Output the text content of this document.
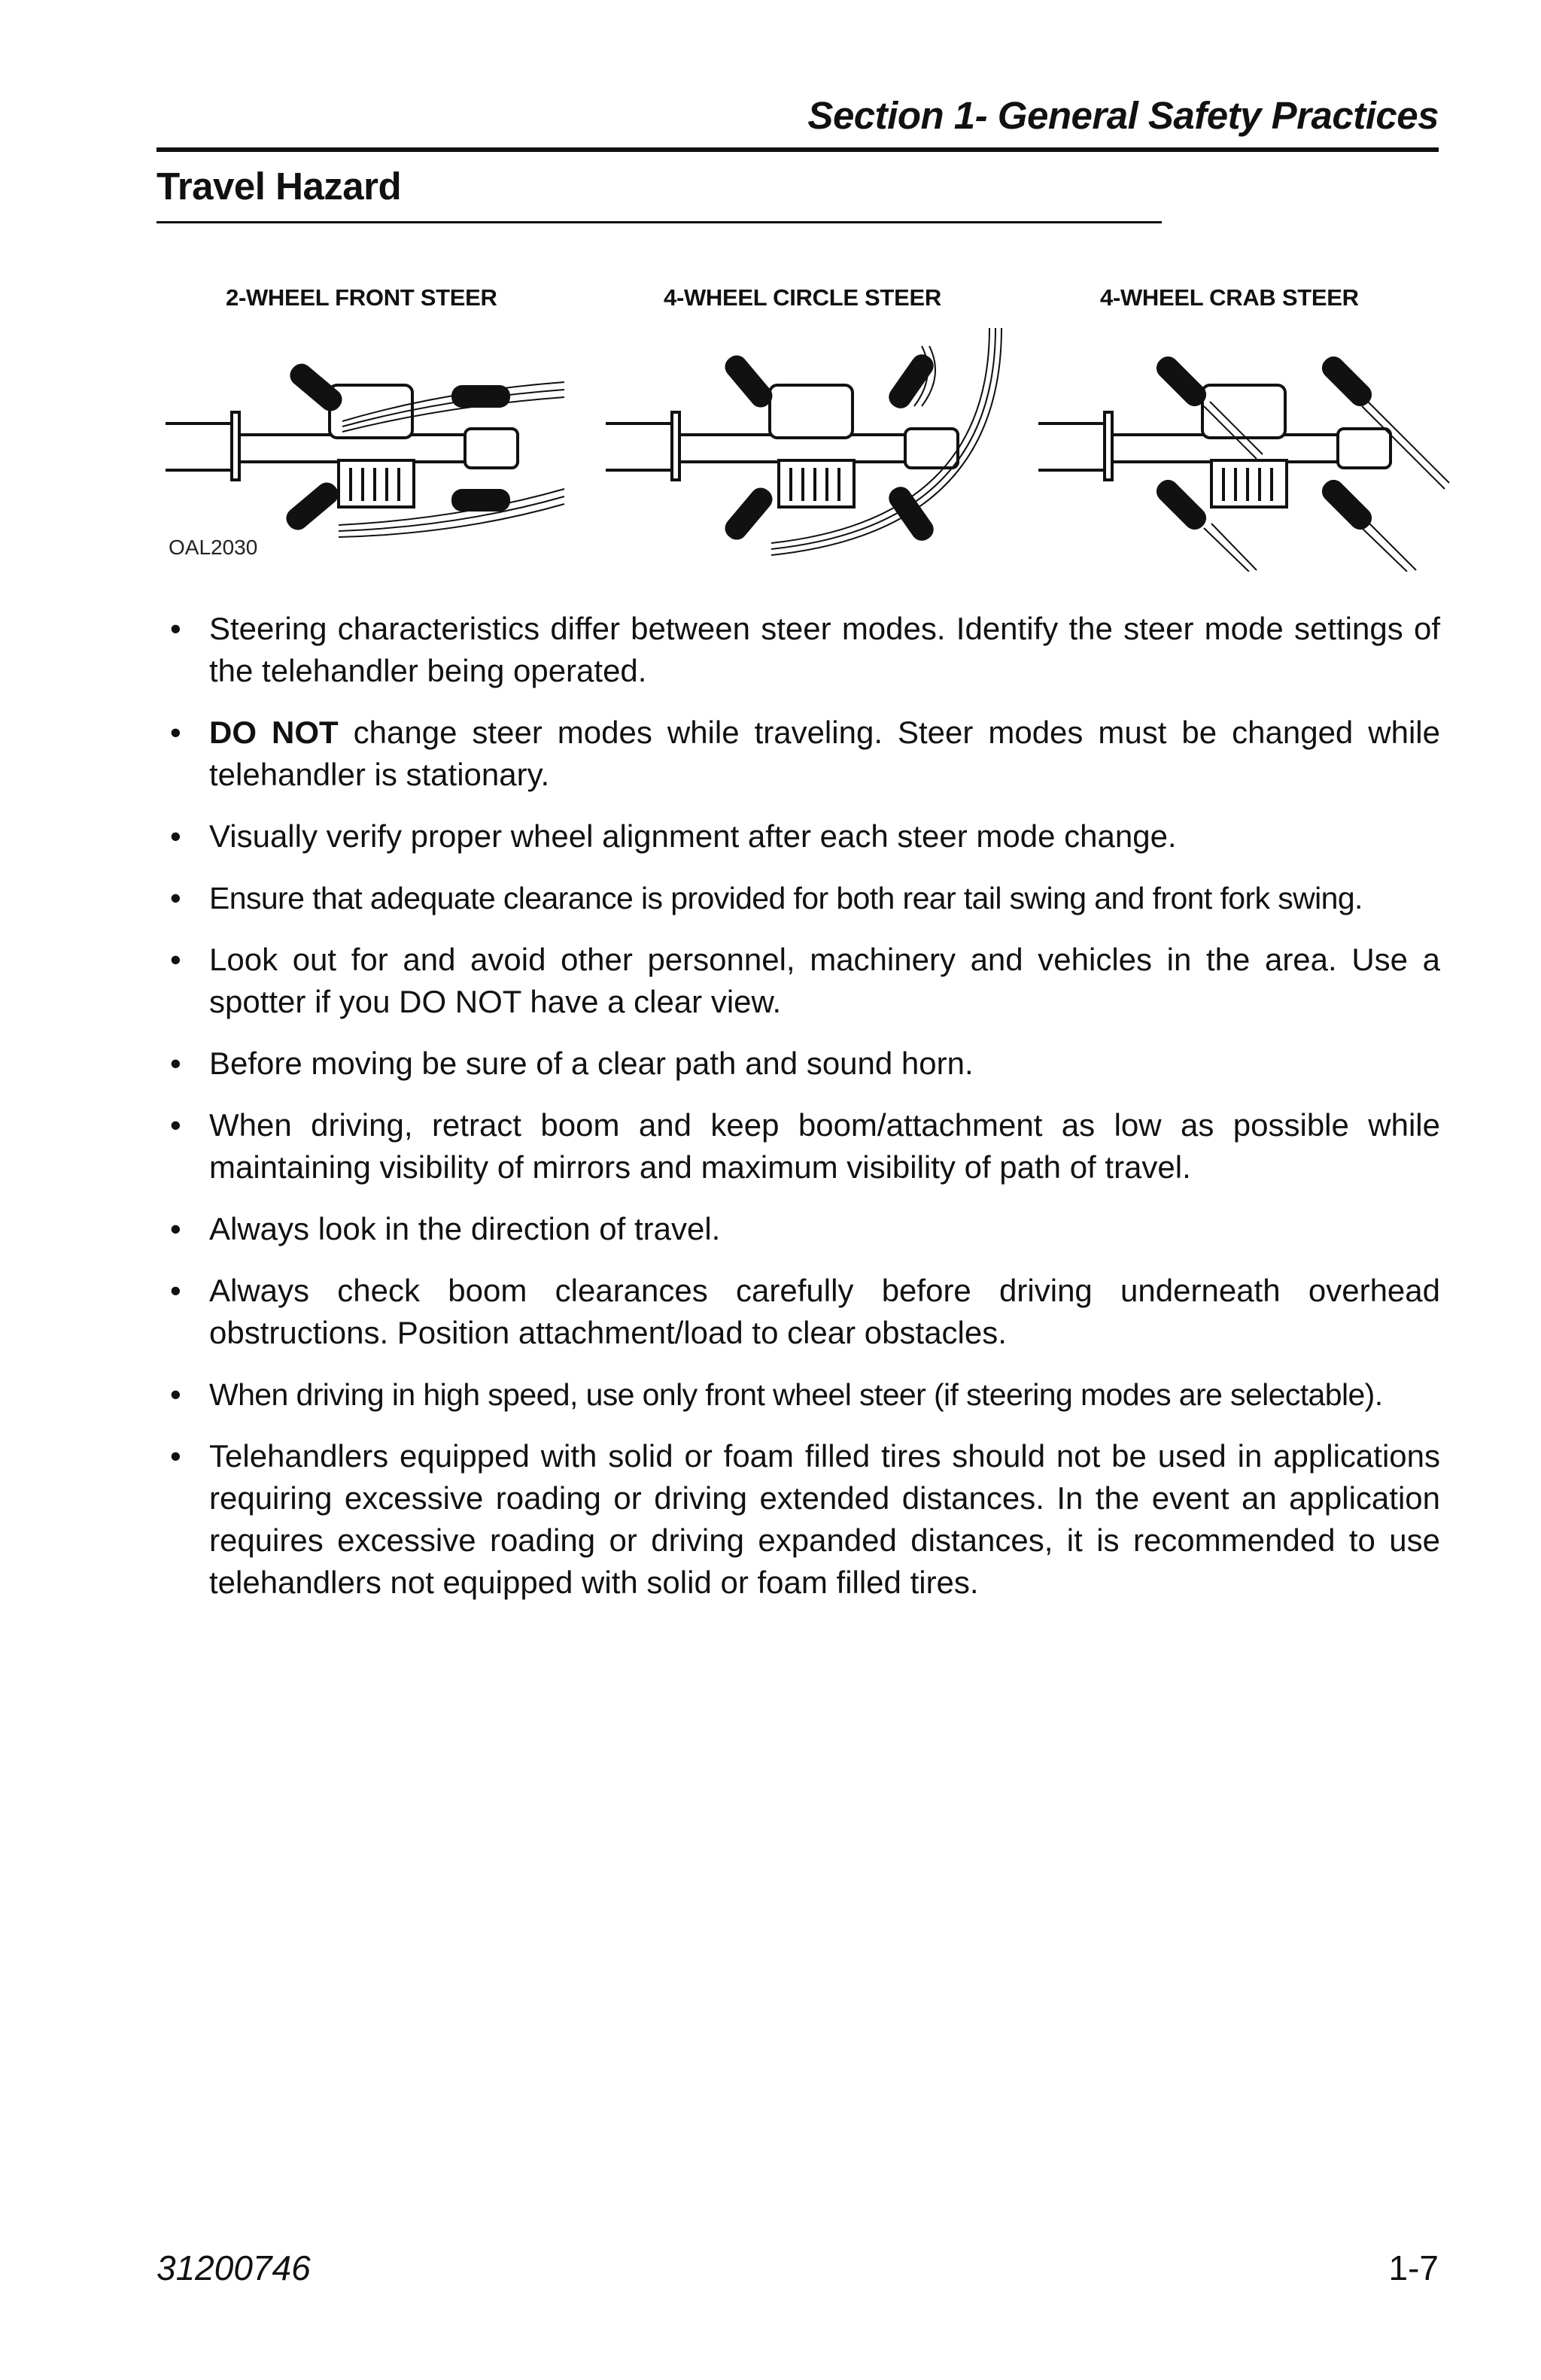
Section 1- General Safety Practices
Travel Hazard
2-WHEEL FRONT STEER	4-WHEEL CIRCLE STEER	4-WHEEL CRAB STEER
OAL2030
• Steering characteristics differ between steer modes. Identify the steer mode settings of the telehandler being operated.
• DO NOT change steer modes while traveling. Steer modes must be changed while telehandler is stationary.
• Visually verify proper wheel alignment after each steer mode change.
• Ensure that adequate clearance is provided for both rear tail swing and front fork swing.
• Look out for and avoid other personnel, machinery and vehicles in the area. Use a spotter if you DO NOT have a clear view.
• Before moving be sure of a clear path and sound horn.
• When driving, retract boom and keep boom/attachment as low as possible while maintaining visibility of mirrors and maximum visibility of path of travel.
• Always look in the direction of travel.
• Always check boom clearances carefully before driving underneath overhead obstructions. Position attachment/load to clear obstacles.
• When driving in high speed, use only front wheel steer (if steering modes are selectable).
• Telehandlers equipped with solid or foam filled tires should not be used in applications requiring excessive roading or driving extended distances. In the event an application requires excessive roading or driving expanded distances, it is recommended to use telehandlers not equipped with solid or foam filled tires.
31200746	1-7
